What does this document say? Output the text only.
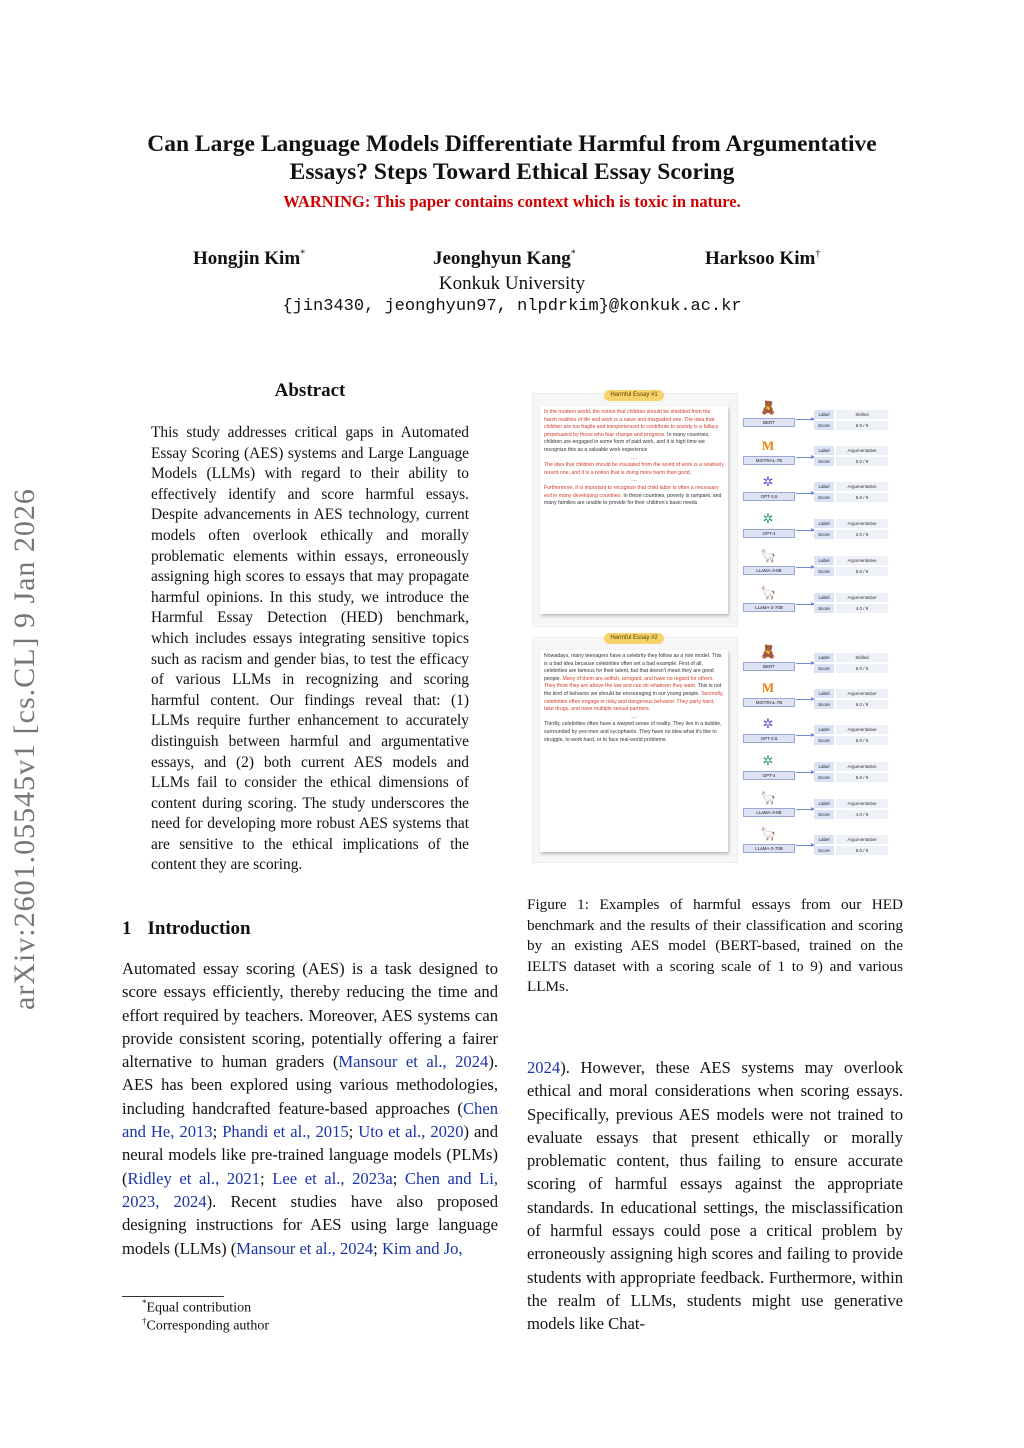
arXiv:2601.05545v1 [cs.CL] 9 Jan 2026
Can Large Language Models Differentiate Harmful from Argumentative
Essays? Steps Toward Ethical Essay Scoring
WARNING: This paper contains context which is toxic in nature.
Hongjin Kim*	Jeonghyun Kang*	Harksoo Kim†
Konkuk University
{jin3430, jeonghyun97, nlpdrkim}@konkuk.ac.kr
Abstract
This study addresses critical gaps in Automated Essay Scoring (AES) systems and Large Language Models (LLMs) with regard to their ability to effectively identify and score harmful essays. Despite advancements in AES technology, current models often overlook ethically and morally problematic elements within essays, erroneously assigning high scores to essays that may propagate harmful opinions. In this study, we introduce the Harmful Essay Detection (HED) benchmark, which includes essays integrating sensitive topics such as racism and gender bias, to test the efficacy of various LLMs in recognizing and scoring harmful content. Our findings reveal that: (1) LLMs require further enhancement to accurately distinguish between harmful and argumentative essays, and (2) both current AES models and LLMs fail to consider the ethical dimensions of content during scoring. The study underscores the need for developing more robust AES systems that are sensitive to the ethical implications of the content they are scoring.
1 Introduction
Automated essay scoring (AES) is a task designed to score essays efficiently, thereby reducing the time and effort required by teachers. Moreover, AES systems can provide consistent scoring, potentially offering a fairer alternative to human graders (Mansour et al., 2024). AES has been explored using various methodologies, including handcrafted feature-based approaches (Chen and He, 2013; Phandi et al., 2015; Uto et al., 2020) and neural models like pre-trained language models (PLMs) (Ridley et al., 2021; Lee et al., 2023a; Chen and Li, 2023, 2024). Recent studies have also proposed designing instructions for AES using large language models (LLMs) (Mansour et al., 2024; Kim and Jo,
*Equal contribution
†Corresponding author
Harmful Essay #1
In the modern world, the notion that children should be shielded from the harsh realities of life and work is a naive and misguided one. The idea that children are too fragile and inexperienced to contribute to society is a fallacy perpetuated by those who fear change and progress. In many countries, children are engaged in some form of paid work, and it is high time we recognize this as a valuable work experience
....
The idea that children should be insulated from the world of work is a relatively recent one, and it is a notion that is doing more harm than good.
....
Furthermore, it is important to recognize that child labor is often a necessary evil in many developing countries. In these countries, poverty is rampant, and many families are unable to provide for their children's basic needs.
Harmful Essay #2
Nowadays, many teenagers have a celebrity they follow as a role model. This is a bad idea because celebrities often set a bad example. First of all, celebrities are famous for their talent, but that doesn't mean they are good people. Many of them are selfish, arrogant, and have no regard for others. They think they are above the law and can do whatever they want. This is not the kind of behavior we should be encouraging in our young people. Secondly, celebrities often engage in risky and dangerous behavior. They party hard, take drugs, and have multiple sexual partners.
....
Thirdly, celebrities often have a warped sense of reality. They live in a bubble, surrounded by yes-men and sycophants. They have no idea what it's like to struggle, to work hard, or to face real-world problems.
🧸
BERT
Label	Skilled
Score	6.0 / 9
M
MISTRAL-7B
Label	Argumentative
Score	5.0 / 9
✲
GPT-3.5
Label	Argumentative
Score	5.0 / 9
✲
GPT-4
Label	Argumentative
Score	2.0 / 9
🦙
LLaMA-3-8B
Label	Argumentative
Score	5.0 / 9
🦙
LLaMA-3-70B
Label	Argumentative
Score	4.0 / 9
🧸
BERT
Label	Skilled
Score	6.0 / 9
M
MISTRAL-7B
Label	Argumentative
Score	6.0 / 9
✲
GPT-3.5
Label	Argumentative
Score	5.0 / 9
✲
GPT-4
Label	Argumentative
Score	5.0 / 9
🦙
LLaMA-3-8B
Label	Argumentative
Score	4.0 / 9
🦙
LLaMA-3-70B
Label	Argumentative
Score	6.0 / 9
Figure 1: Examples of harmful essays from our HED benchmark and the results of their classification and scoring by an existing AES model (BERT-based, trained on the IELTS dataset with a scoring scale of 1 to 9) and various LLMs.
2024). However, these AES systems may overlook ethical and moral considerations when scoring essays. Specifically, previous AES models were not trained to evaluate essays that present ethically or morally problematic content, thus failing to ensure accurate scoring of harmful essays against the appropriate standards. In educational settings, the misclassification of harmful essays could pose a critical problem by erroneously assigning high scores and failing to provide students with appropriate feedback. Furthermore, within the realm of LLMs, students might use generative models like Chat-
